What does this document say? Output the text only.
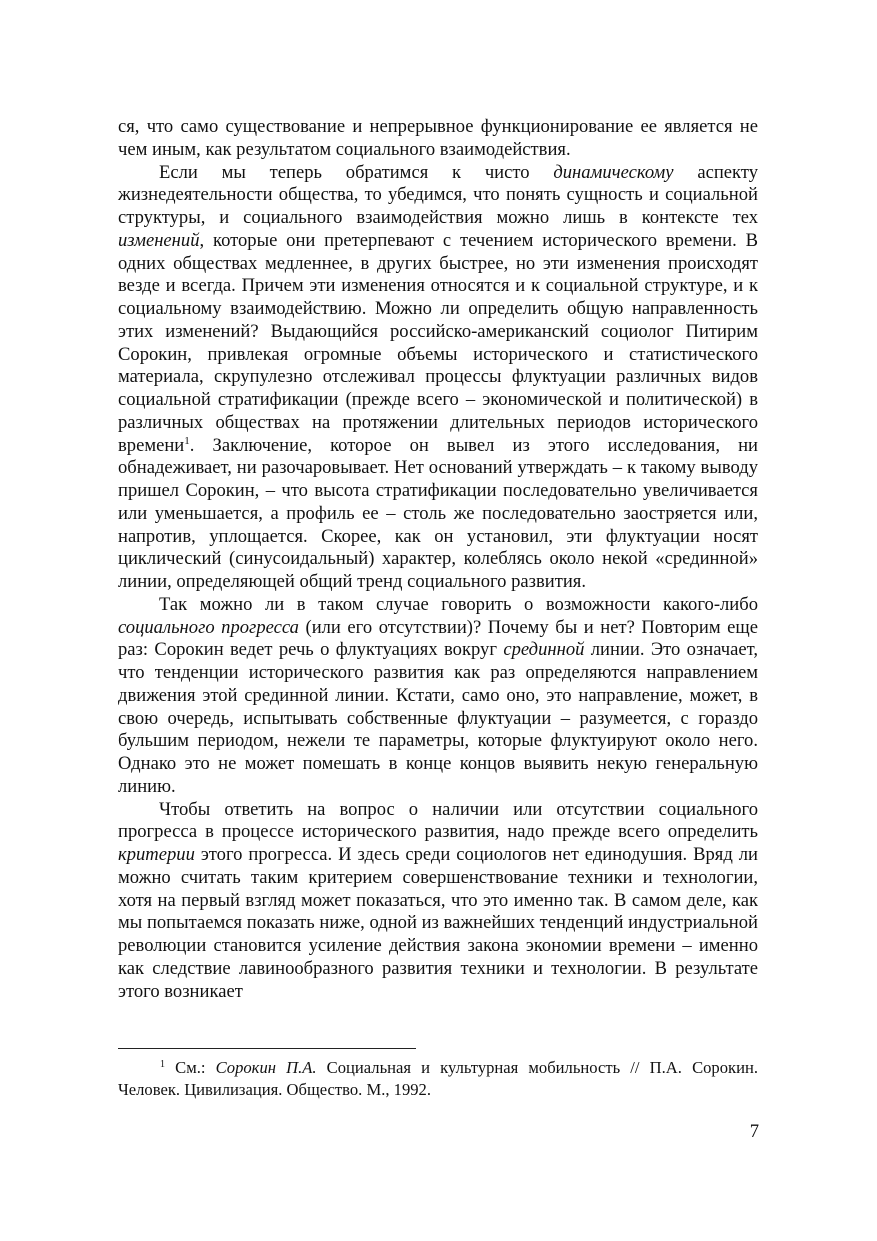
ся, что само существование и непрерывное функционирование ее является не чем иным, как результатом социального взаимодействия.

Если мы теперь обратимся к чисто динамическому аспекту жизнедеятельности общества, то убедимся, что понять сущность и социальной структуры, и социального взаимодействия можно лишь в контексте тех изменений, которые они претерпевают с течением исторического времени. В одних обществах медленнее, в других быстрее, но эти изменения происходят везде и всегда. Причем эти изменения относятся и к социальной структуре, и к социальному взаимодействию. Можно ли определить общую направленность этих изменений? Выдающийся российско-американский социолог Питирим Сорокин, привлекая огромные объемы исторического и статистического материала, скрупулезно отслеживал процессы флуктуации различных видов социальной стратификации (прежде всего – экономической и политической) в различных обществах на протяжении длительных периодов исторического времени$^1$. Заключение, которое он вывел из этого исследования, ни обнадеживает, ни разочаровывает. Нет оснований утверждать – к такому выводу пришел Сорокин, – что высота стратификации последовательно увеличивается или уменьшается, а профиль ее – столь же последовательно заостряется или, напротив, уплощается. Скорее, как он установил, эти флуктуации носят циклический (синусоидальный) характер, колеблясь около некой «срединной» линии, определяющей общий тренд социального развития.

Так можно ли в таком случае говорить о возможности какого-либо социального прогресса (или его отсутствии)? Почему бы и нет? Повторим еще раз: Сорокин ведет речь о флуктуациях вокруг срединной линии. Это означает, что тенденции исторического развития как раз определяются направлением движения этой срединной линии. Кстати, само оно, это направление, может, в свою очередь, испытывать собственные флуктуации – разумеется, с гораздо бульшим периодом, нежели те параметры, которые флуктуируют около него. Однако это не может помешать в конце концов выявить некую генеральную линию.

Чтобы ответить на вопрос о наличии или отсутствии социального прогресса в процессе исторического развития, надо прежде всего определить критерии этого прогресса. И здесь среди социологов нет единодушия. Вряд ли можно считать таким критерием совершенствование техники и технологии, хотя на первый взгляд может показаться, что это именно так. В самом деле, как мы попытаемся показать ниже, одной из важнейших тенденций индустриальной революции становится усиление действия закона экономии времени – именно как следствие лавинообразного развития техники и технологии. В результате этого возникает

$^1$ См.: Сорокин П.А. Социальная и культурная мобильность // П.А. Сорокин. Человек. Цивилизация. Общество. М., 1992.

7
